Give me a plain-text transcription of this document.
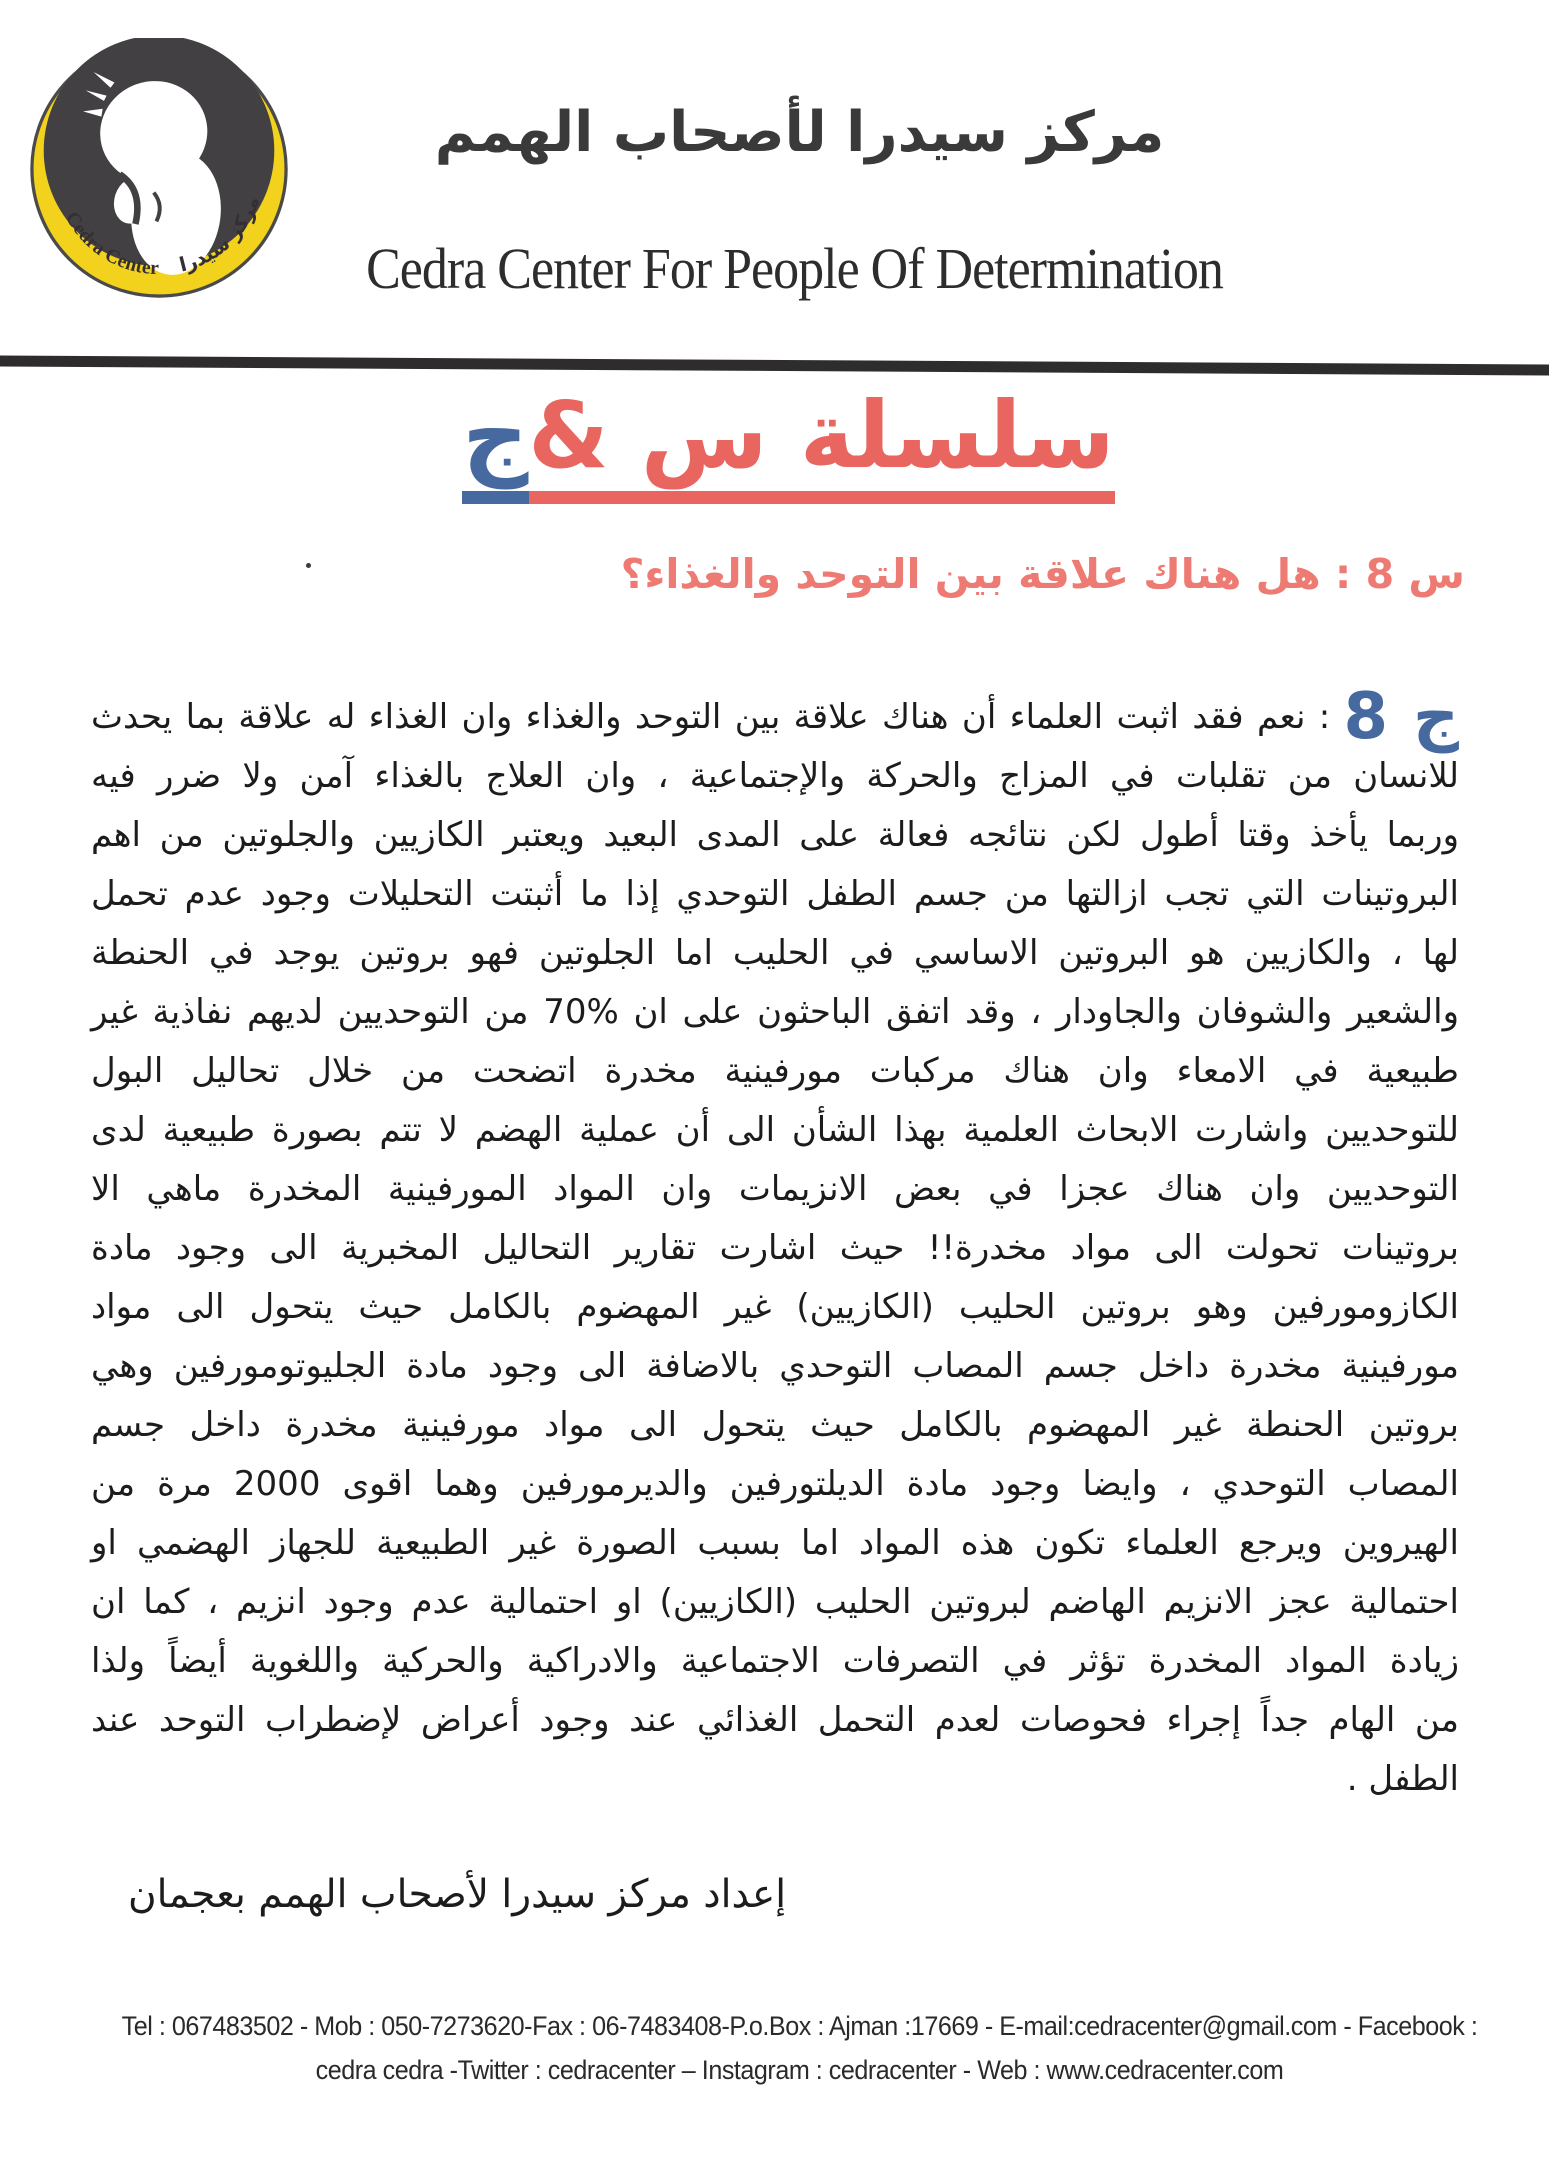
Cedra Center مركز سيدرا
مركز سيدرا لأصحاب الهمم
Cedra Center For People Of Determination
سلسلة س &ج
س 8 : هل هناك علاقة بين التوحد والغذاء؟
ج 8 : نعم فقد اثبت العلماء أن هناك علاقة بين التوحد والغذاء وان الغذاء له علاقة بما يحدث
للانسان من تقلبات في المزاج والحركة والإجتماعية ، وان العلاج بالغذاء آمن ولا ضرر فيه
وربما يأخذ وقتا أطول لكن نتائجه فعالة على المدى البعيد ويعتبر الكازيين والجلوتين من اهم
البروتينات التي تجب ازالتها من جسم الطفل التوحدي إذا ما أثبتت التحليلات وجود عدم تحمل
لها ، والكازيين هو البروتين الاساسي في الحليب اما الجلوتين فهو بروتين يوجد في الحنطة
والشعير والشوفان والجاودار ، وقد اتفق الباحثون على ان %70 من التوحديين لديهم نفاذية غير
طبيعية في الامعاء وان هناك مركبات مورفينية مخدرة اتضحت من خلال تحاليل البول
للتوحديين واشارت الابحاث العلمية بهذا الشأن الى أن عملية الهضم لا تتم بصورة طبيعية لدى
التوحديين وان هناك عجزا في بعض الانزيمات وان المواد المورفينية المخدرة ماهي الا
بروتينات تحولت الى مواد مخدرة!! حيث اشارت تقارير التحاليل المخبرية الى وجود مادة
الكازومورفين وهو بروتين الحليب (الكازيين) غير المهضوم بالكامل حيث يتحول الى مواد
مورفينية مخدرة داخل جسم المصاب التوحدي بالاضافة الى وجود مادة الجليوتومورفين وهي
بروتين الحنطة غير المهضوم بالكامل حيث يتحول الى مواد مورفينية مخدرة داخل جسم
المصاب التوحدي ، وايضا وجود مادة الديلتورفين والديرمورفين وهما اقوى 2000 مرة من
الهيروين ويرجع العلماء تكون هذه المواد اما بسبب الصورة غير الطبيعية للجهاز الهضمي او
احتمالية عجز الانزيم الهاضم لبروتين الحليب (الكازيين) او احتمالية عدم وجود انزيم ، كما ان
زيادة المواد المخدرة تؤثر في التصرفات الاجتماعية والادراكية والحركية واللغوية أيضاً ولذا
من الهام جداً إجراء فحوصات لعدم التحمل الغذائي عند وجود أعراض لإضطراب التوحد عند
الطفل .
إعداد مركز سيدرا لأصحاب الهمم بعجمان
Tel : 067483502 - Mob : 050-7273620-Fax : 06-7483408-P.o.Box : Ajman :17669 - E-mail:cedracenter@gmail.com - Facebook :
cedra cedra -Twitter : cedracenter – Instagram : cedracenter - Web : www.cedracenter.com
